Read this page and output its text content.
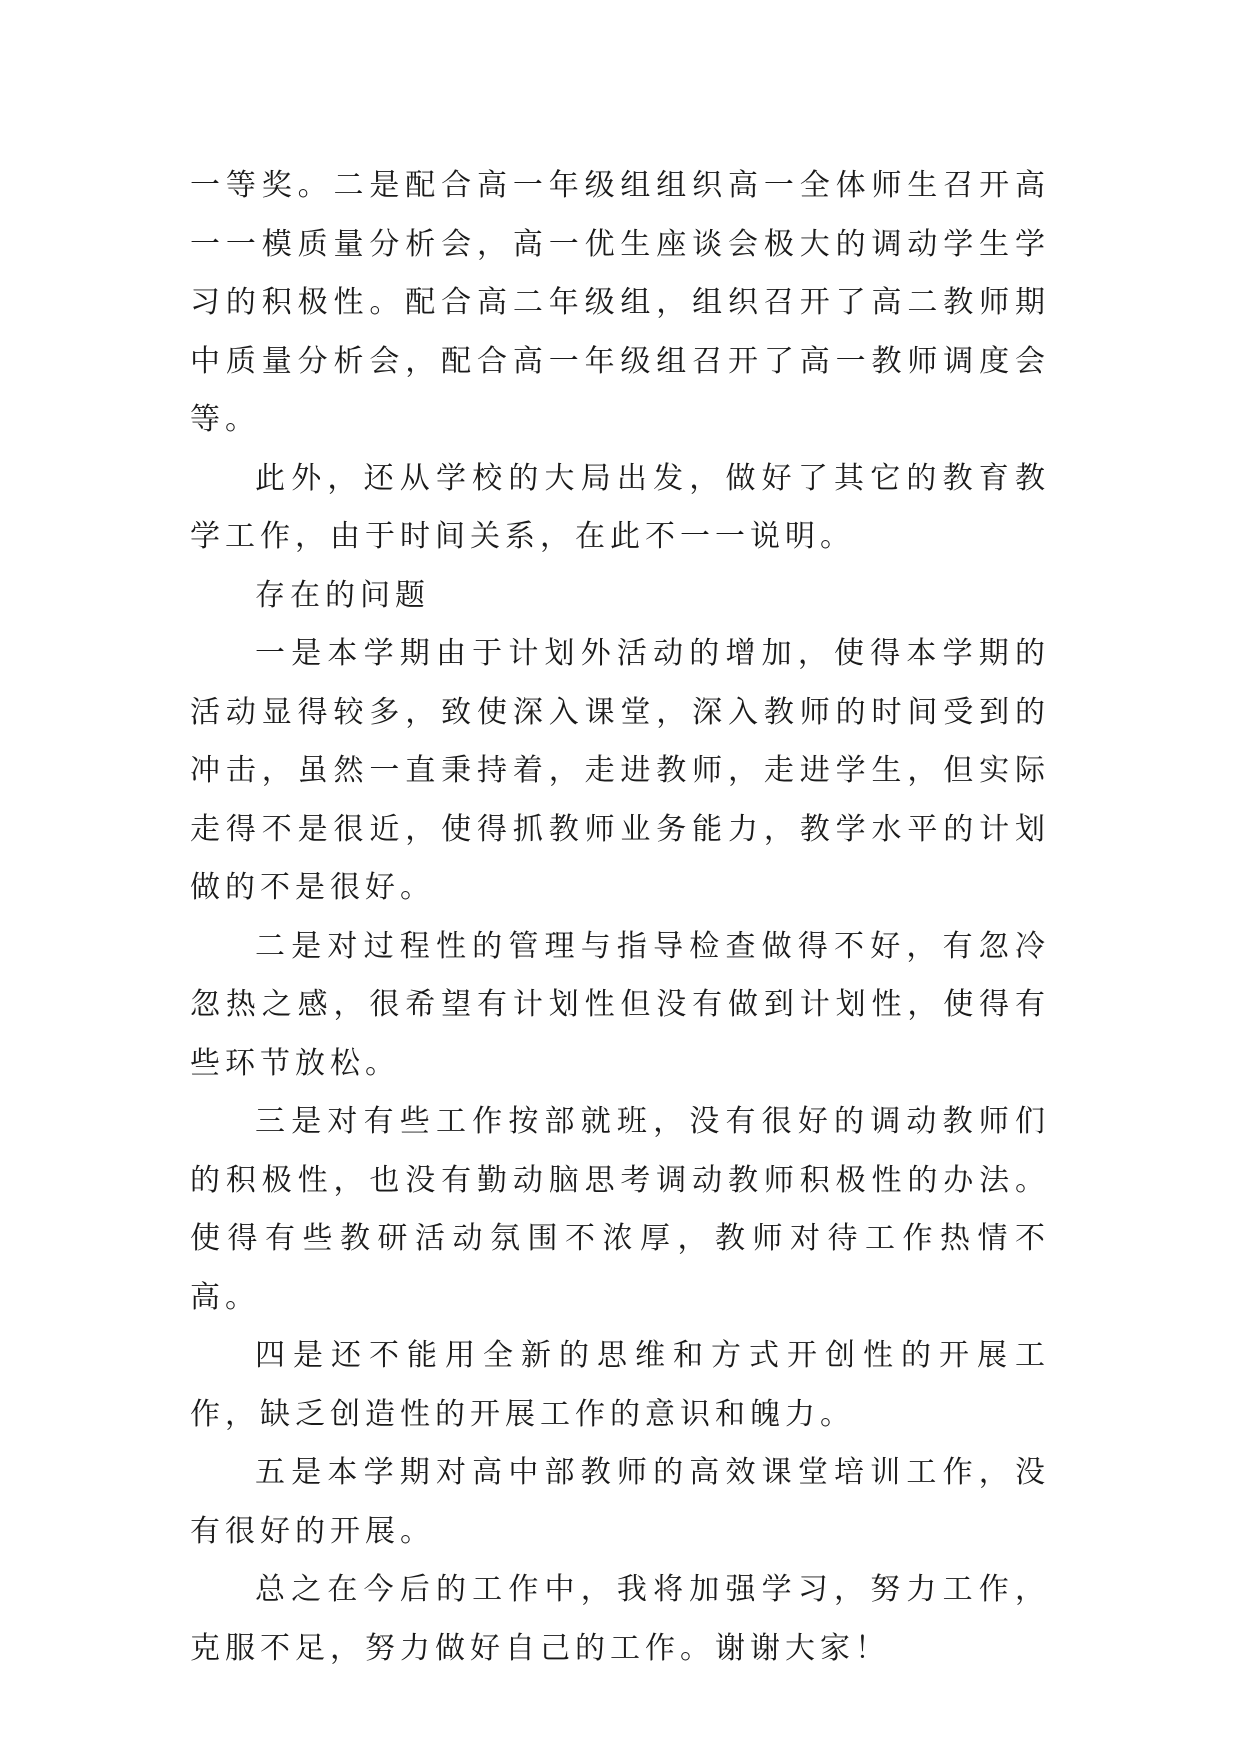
一等奖。二是配合高一年级组组织高一全体师生召开高一一模质量分析会，高一优生座谈会极大的调动学生学习的积极性。配合高二年级组，组织召开了高二教师期中质量分析会，配合高一年级组召开了高一教师调度会等。

此外，还从学校的大局出发，做好了其它的教育教学工作，由于时间关系，在此不一一说明。

存在的问题

一是本学期由于计划外活动的增加，使得本学期的活动显得较多，致使深入课堂，深入教师的时间受到的冲击，虽然一直秉持着，走进教师，走进学生，但实际走得不是很近，使得抓教师业务能力，教学水平的计划做的不是很好。

二是对过程性的管理与指导检查做得不好，有忽冷忽热之感，很希望有计划性但没有做到计划性，使得有些环节放松。

三是对有些工作按部就班，没有很好的调动教师们的积极性，也没有勤动脑思考调动教师积极性的办法。使得有些教研活动氛围不浓厚，教师对待工作热情不高。

四是还不能用全新的思维和方式开创性的开展工作，缺乏创造性的开展工作的意识和魄力。

五是本学期对高中部教师的高效课堂培训工作，没有很好的开展。

总之在今后的工作中，我将加强学习，努力工作，克服不足，努力做好自己的工作。谢谢大家！
